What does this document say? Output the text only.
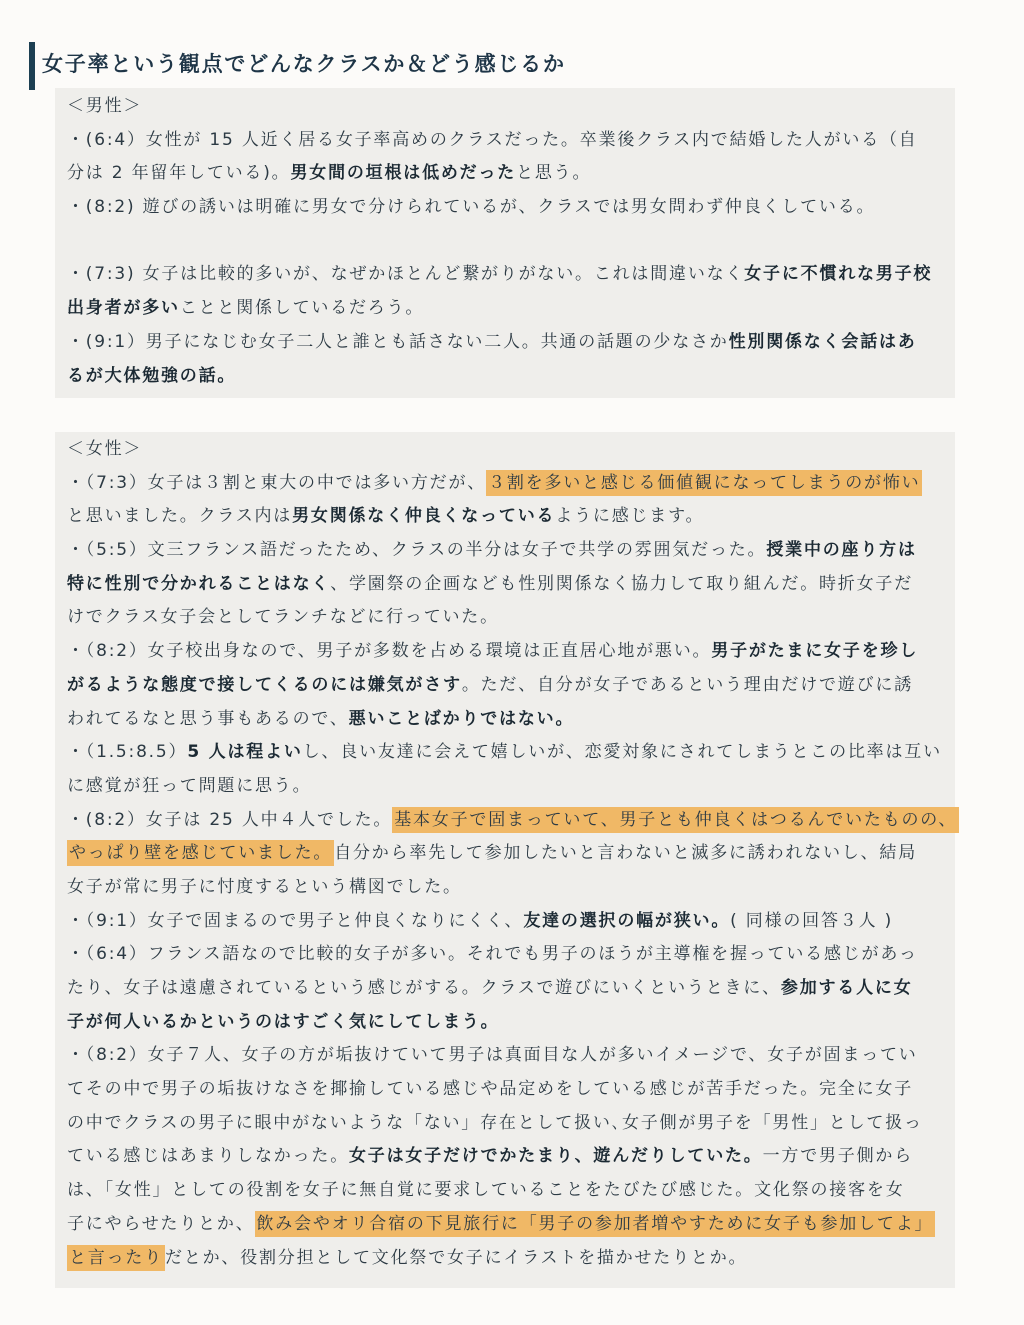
女子率という観点でどんなクラスか＆どう感じるか
＜男性＞
・(6:4）女性が 15 人近く居る女子率高めのクラスだった。卒業後クラス内で結婚した人がいる（自
分は 2 年留年している)。男女間の垣根は低めだったと思う。
・(8:2) 遊びの誘いは明確に男女で分けられているが、クラスでは男女問わず仲良くしている。
・(7:3) 女子は比較的多いが、なぜかほとんど繋がりがない。これは間違いなく女子に不慣れな男子校
出身者が多いことと関係しているだろう。
・(9:1）男子になじむ女子二人と誰とも話さない二人。共通の話題の少なさか性別関係なく会話はあ
るが大体勉強の話。
＜女性＞
・（7:3）女子は３割と東大の中では多い方だが、 ３割を多いと感じる価値観になってしまうのが怖い
と思いました。クラス内は男女関係なく仲良くなっているように感じます。
・（5:5）文三フランス語だったため、クラスの半分は女子で共学の雰囲気だった。授業中の座り方は
特に性別で分かれることはなく、学園祭の企画なども性別関係なく協力して取り組んだ。時折女子だ
けでクラス女子会としてランチなどに行っていた。
・（8:2）女子校出身なので、男子が多数を占める環境は正直居心地が悪い。男子がたまに女子を珍し
がるような態度で接してくるのには嫌気がさす。ただ、自分が女子であるという理由だけで遊びに誘
われてるなと思う事もあるので、悪いことばかりではない。
・（1.5:8.5）5 人は程よいし、良い友達に会えて嬉しいが、恋愛対象にされてしまうとこの比率は互い
に感覚が狂って問題に思う。
・(8:2）女子は 25 人中４人でした。 基本女子で固まっていて、男子とも仲良くはつるんでいたものの、
やっぱり壁を感じていました。 自分から率先して参加したいと言わないと滅多に誘われないし、結局
女子が常に男子に忖度するという構図でした。
・（9:1）女子で固まるので男子と仲良くなりにくく、友達の選択の幅が狭い。( 同様の回答３人 )
・（6:4）フランス語なので比較的女子が多い。それでも男子のほうが主導権を握っている感じがあっ
たり、女子は遠慮されているという感じがする。クラスで遊びにいくというときに、参加する人に女
子が何人いるかというのはすごく気にしてしまう。
・（8:2）女子７人、女子の方が垢抜けていて男子は真面目な人が多いイメージで、女子が固まってい
てその中で男子の垢抜けなさを揶揄している感じや品定めをしている感じが苦手だった。完全に女子
の中でクラスの男子に眼中がないような「ない」存在として扱い､女子側が男子を「男性」として扱っ
ている感じはあまりしなかった。女子は女子だけでかたまり、遊んだりしていた。一方で男子側から
は、「女性」としての役割を女子に無自覚に要求していることをたびたび感じた。文化祭の接客を女
子にやらせたりとか、 飲み会やオリ合宿の下見旅行に「男子の参加者増やすために女子も参加してよ」
と言ったり だとか、役割分担として文化祭で女子にイラストを描かせたりとか。
